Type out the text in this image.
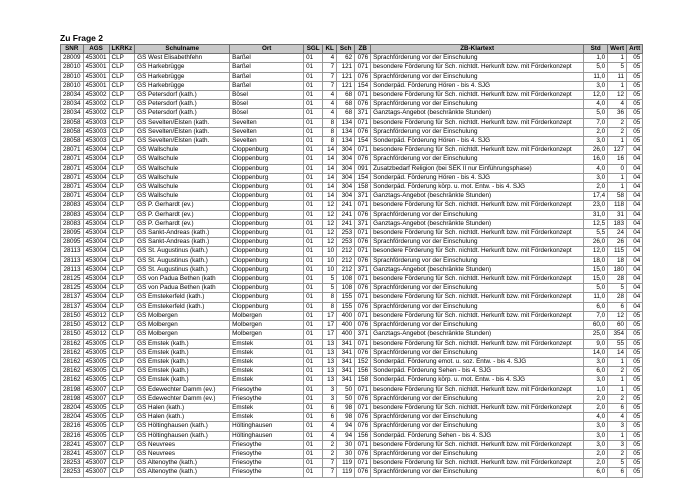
Zu Frage 2
SNR	AGS	LKRKz	Schulname	Ort	SGL	KL	Sch	ZB	ZB-Klartext	Std	Wert	Artt
28009	453001	CLP	GS West Elisabethfehn	Barßel	01	4	62	076	Sprachförderung vor der Einschulung	1,0	1	05
28010	453001	CLP	GS Harkebrügge	Barßel	01	7	121	071	besondere Förderung für Sch. nichtdt. Herkunft bzw. mit Förderkonzept	5,0	5	05
28010	453001	CLP	GS Harkebrügge	Barßel	01	7	121	076	Sprachförderung vor der Einschulung	11,0	11	05
28010	453001	CLP	GS Harkebrügge	Barßel	01	7	121	154	Sonderpäd. Förderung Hören - bis 4. SJG	3,0	1	05
28034	453002	CLP	GS Petersdorf (kath.)	Bösel	01	4	68	071	besondere Förderung für Sch. nichtdt. Herkunft bzw. mit Förderkonzept	12,0	12	05
28034	453002	CLP	GS Petersdorf (kath.)	Bösel	01	4	68	076	Sprachförderung vor der Einschulung	4,0	4	05
28034	453002	CLP	GS Petersdorf (kath.)	Bösel	01	4	68	371	Ganztags-Angebot (beschränkte Stunden)	5,0	36	05
28058	453003	CLP	GS Sevelten/Elsten (kath.	Sevelten	01	8	134	071	besondere Förderung für Sch. nichtdt. Herkunft bzw. mit Förderkonzept	7,0	2	05
28058	453003	CLP	GS Sevelten/Elsten (kath.	Sevelten	01	8	134	076	Sprachförderung vor der Einschulung	2,0	2	05
28058	453003	CLP	GS Sevelten/Elsten (kath.	Sevelten	01	8	134	154	Sonderpäd. Förderung Hören - bis 4. SJG	3,0	1	05
28071	453004	CLP	GS Wallschule	Cloppenburg	01	14	304	071	besondere Förderung für Sch. nichtdt. Herkunft bzw. mit Förderkonzept	26,0	127	04
28071	453004	CLP	GS Wallschule	Cloppenburg	01	14	304	076	Sprachförderung vor der Einschulung	16,0	16	04
28071	453004	CLP	GS Wallschule	Cloppenburg	01	14	304	091	Zusatzbedarf Religion (bei SEK II nur Einführungsphase)	4,0	0	04
28071	453004	CLP	GS Wallschule	Cloppenburg	01	14	304	154	Sonderpäd. Förderung Hören - bis 4. SJG	3,0	1	04
28071	453004	CLP	GS Wallschule	Cloppenburg	01	14	304	158	Sonderpäd. Förderung körp. u. mot. Entw. - bis 4. SJG	2,0	1	04
28071	453004	CLP	GS Wallschule	Cloppenburg	01	14	304	371	Ganztags-Angebot (beschränkte Stunden)	17,4	58	04
28083	453004	CLP	GS P. Gerhardt (ev.)	Cloppenburg	01	12	241	071	besondere Förderung für Sch. nichtdt. Herkunft bzw. mit Förderkonzept	23,0	118	04
28083	453004	CLP	GS P. Gerhardt (ev.)	Cloppenburg	01	12	241	076	Sprachförderung vor der Einschulung	31,0	31	04
28083	453004	CLP	GS P. Gerhardt (ev.)	Cloppenburg	01	12	241	371	Ganztags-Angebot (beschränkte Stunden)	12,5	183	04
28095	453004	CLP	GS Sankt-Andreas (kath.)	Cloppenburg	01	12	253	071	besondere Förderung für Sch. nichtdt. Herkunft bzw. mit Förderkonzept	5,5	24	04
28095	453004	CLP	GS Sankt-Andreas (kath.)	Cloppenburg	01	12	253	076	Sprachförderung vor der Einschulung	26,0	26	04
28113	453004	CLP	GS St. Augustinus (kath.)	Cloppenburg	01	10	212	071	besondere Förderung für Sch. nichtdt. Herkunft bzw. mit Förderkonzept	12,0	115	04
28113	453004	CLP	GS St. Augustinus (kath.)	Cloppenburg	01	10	212	076	Sprachförderung vor der Einschulung	18,0	18	04
28113	453004	CLP	GS St. Augustinus (kath.)	Cloppenburg	01	10	212	371	Ganztags-Angebot (beschränkte Stunden)	15,0	180	04
28125	453004	CLP	GS von Padua Bethen (kath	Cloppenburg	01	5	108	071	besondere Förderung für Sch. nichtdt. Herkunft bzw. mit Förderkonzept	15,0	28	04
28125	453004	CLP	GS von Padua Bethen (kath	Cloppenburg	01	5	108	076	Sprachförderung vor der Einschulung	5,0	5	04
28137	453004	CLP	GS Emstekerfeld (kath.)	Cloppenburg	01	8	155	071	besondere Förderung für Sch. nichtdt. Herkunft bzw. mit Förderkonzept	11,0	28	04
28137	453004	CLP	GS Emstekerfeld (kath.)	Cloppenburg	01	8	155	076	Sprachförderung vor der Einschulung	6,0	6	04
28150	453012	CLP	GS Molbergen	Molbergen	01	17	400	071	besondere Förderung für Sch. nichtdt. Herkunft bzw. mit Förderkonzept	7,0	12	05
28150	453012	CLP	GS Molbergen	Molbergen	01	17	400	076	Sprachförderung vor der Einschulung	60,0	60	05
28150	453012	CLP	GS Molbergen	Molbergen	01	17	400	371	Ganztags-Angebot (beschränkte Stunden)	25,0	354	05
28162	453005	CLP	GS Emstek (kath.)	Emstek	01	13	341	071	besondere Förderung für Sch. nichtdt. Herkunft bzw. mit Förderkonzept	9,0	55	05
28162	453005	CLP	GS Emstek (kath.)	Emstek	01	13	341	076	Sprachförderung vor der Einschulung	14,0	14	05
28162	453005	CLP	GS Emstek (kath.)	Emstek	01	13	341	152	Sonderpäd. Förderung emot. u. soz. Entw. - bis 4. SJG	3,0	1	05
28162	453005	CLP	GS Emstek (kath.)	Emstek	01	13	341	156	Sonderpäd. Förderung Sehen - bis 4. SJG	6,0	2	05
28162	453005	CLP	GS Emstek (kath.)	Emstek	01	13	341	158	Sonderpäd. Förderung körp. u. mot. Entw. - bis 4. SJG	3,0	1	05
28198	453007	CLP	GS Edewechter Damm (ev.)	Friesoythe	01	3	50	071	besondere Förderung für Sch. nichtdt. Herkunft bzw. mit Förderkonzept	1,0	1	05
28198	453007	CLP	GS Edewechter Damm (ev.)	Friesoythe	01	3	50	076	Sprachförderung vor der Einschulung	2,0	2	05
28204	453005	CLP	GS Halen (kath.)	Emstek	01	6	98	071	besondere Förderung für Sch. nichtdt. Herkunft bzw. mit Förderkonzept	2,0	6	05
28204	453005	CLP	GS Halen (kath.)	Emstek	01	6	98	076	Sprachförderung vor der Einschulung	4,0	4	05
28216	453005	CLP	GS Höltinghausen (kath.)	Höltinghausen	01	4	94	076	Sprachförderung vor der Einschulung	3,0	3	05
28216	453005	CLP	GS Höltinghausen (kath.)	Höltinghausen	01	4	94	156	Sonderpäd. Förderung Sehen - bis 4. SJG	3,0	1	05
28241	453007	CLP	GS Neuvrees	Friesoythe	01	2	30	071	besondere Förderung für Sch. nichtdt. Herkunft bzw. mit Förderkonzept	3,0	3	05
28241	453007	CLP	GS Neuvrees	Friesoythe	01	2	30	076	Sprachförderung vor der Einschulung	2,0	2	05
28253	453007	CLP	GS Altenoythe (kath.)	Friesoythe	01	7	119	071	besondere Förderung für Sch. nichtdt. Herkunft bzw. mit Förderkonzept	2,0	5	05
28253	453007	CLP	GS Altenoythe (kath.)	Friesoythe	01	7	119	076	Sprachförderung vor der Einschulung	6,0	6	05
